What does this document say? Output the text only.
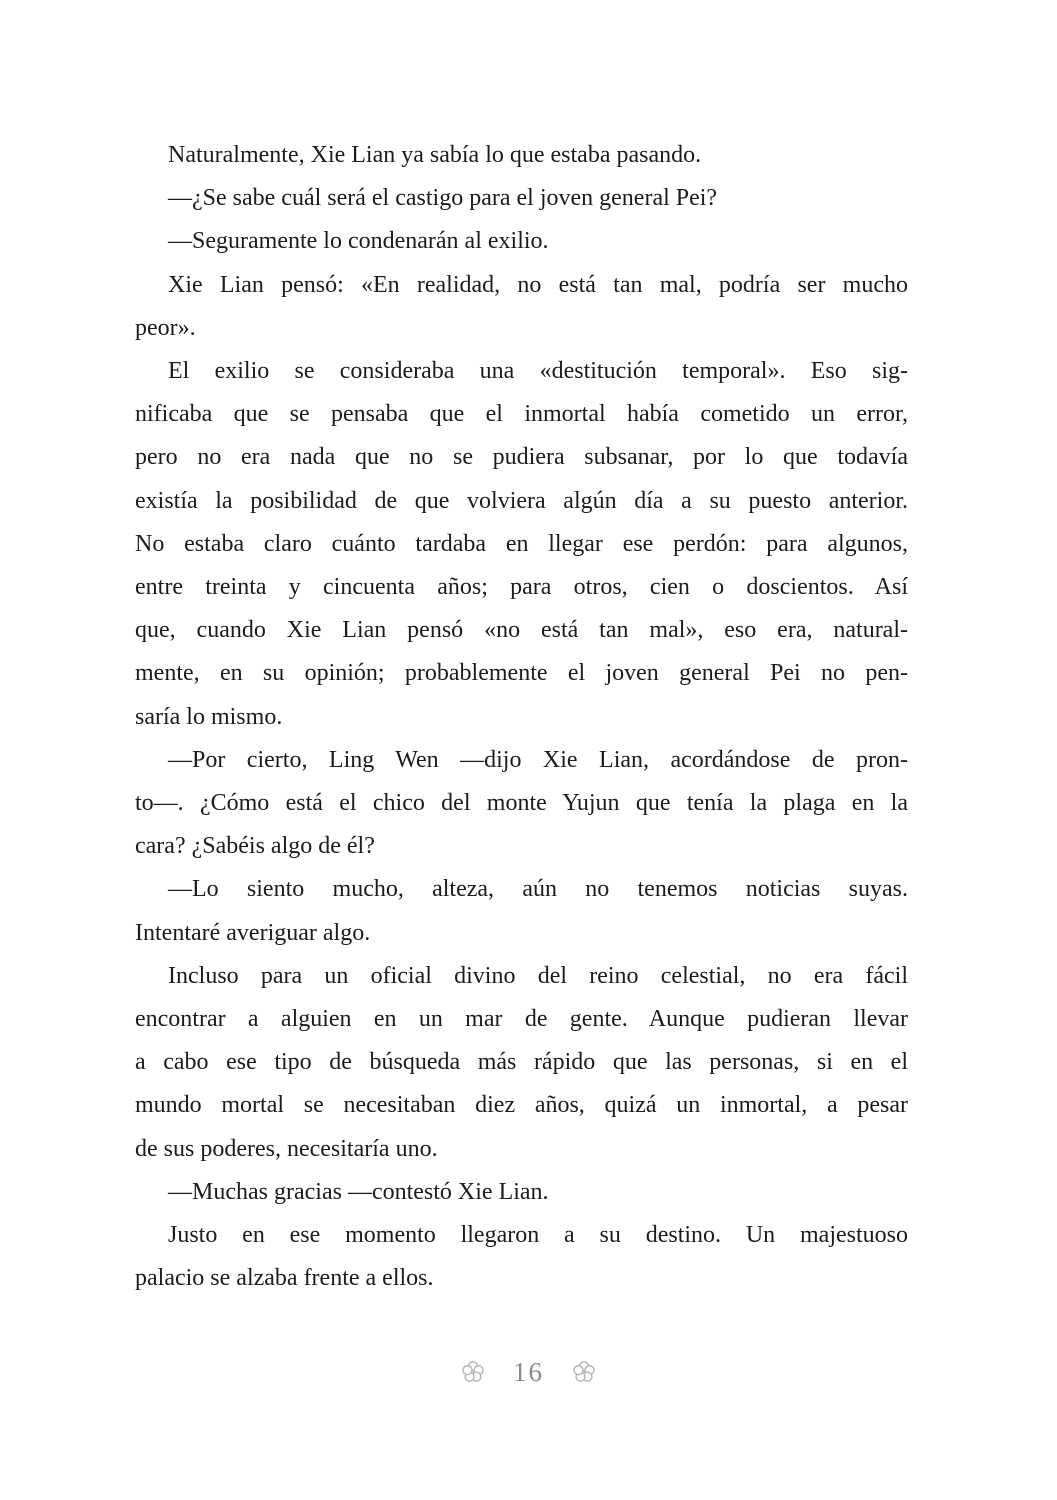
Naturalmente, Xie Lian ya sabía lo que estaba pasando.
—¿Se sabe cuál será el castigo para el joven general Pei?
—Seguramente lo condenarán al exilio.
Xie Lian pensó: «En realidad, no está tan mal, podría ser mucho
peor».
El exilio se consideraba una «destitución temporal». Eso sig-
nificaba que se pensaba que el inmortal había cometido un error,
pero no era nada que no se pudiera subsanar, por lo que todavía
existía la posibilidad de que volviera algún día a su puesto anterior.
No estaba claro cuánto tardaba en llegar ese perdón: para algunos,
entre treinta y cincuenta años; para otros, cien o doscientos. Así
que, cuando Xie Lian pensó «no está tan mal», eso era, natural-
mente, en su opinión; probablemente el joven general Pei no pen-
saría lo mismo.
—Por cierto, Ling Wen —dijo Xie Lian, acordándose de pron-
to—. ¿Cómo está el chico del monte Yujun que tenía la plaga en la
cara? ¿Sabéis algo de él?
—Lo siento mucho, alteza, aún no tenemos noticias suyas.
Intentaré averiguar algo.
Incluso para un oficial divino del reino celestial, no era fácil
encontrar a alguien en un mar de gente. Aunque pudieran llevar
a cabo ese tipo de búsqueda más rápido que las personas, si en el
mundo mortal se necesitaban diez años, quizá un inmortal, a pesar
de sus poderes, necesitaría uno.
—Muchas gracias —contestó Xie Lian.
Justo en ese momento llegaron a su destino. Un majestuoso
palacio se alzaba frente a ellos.
16
